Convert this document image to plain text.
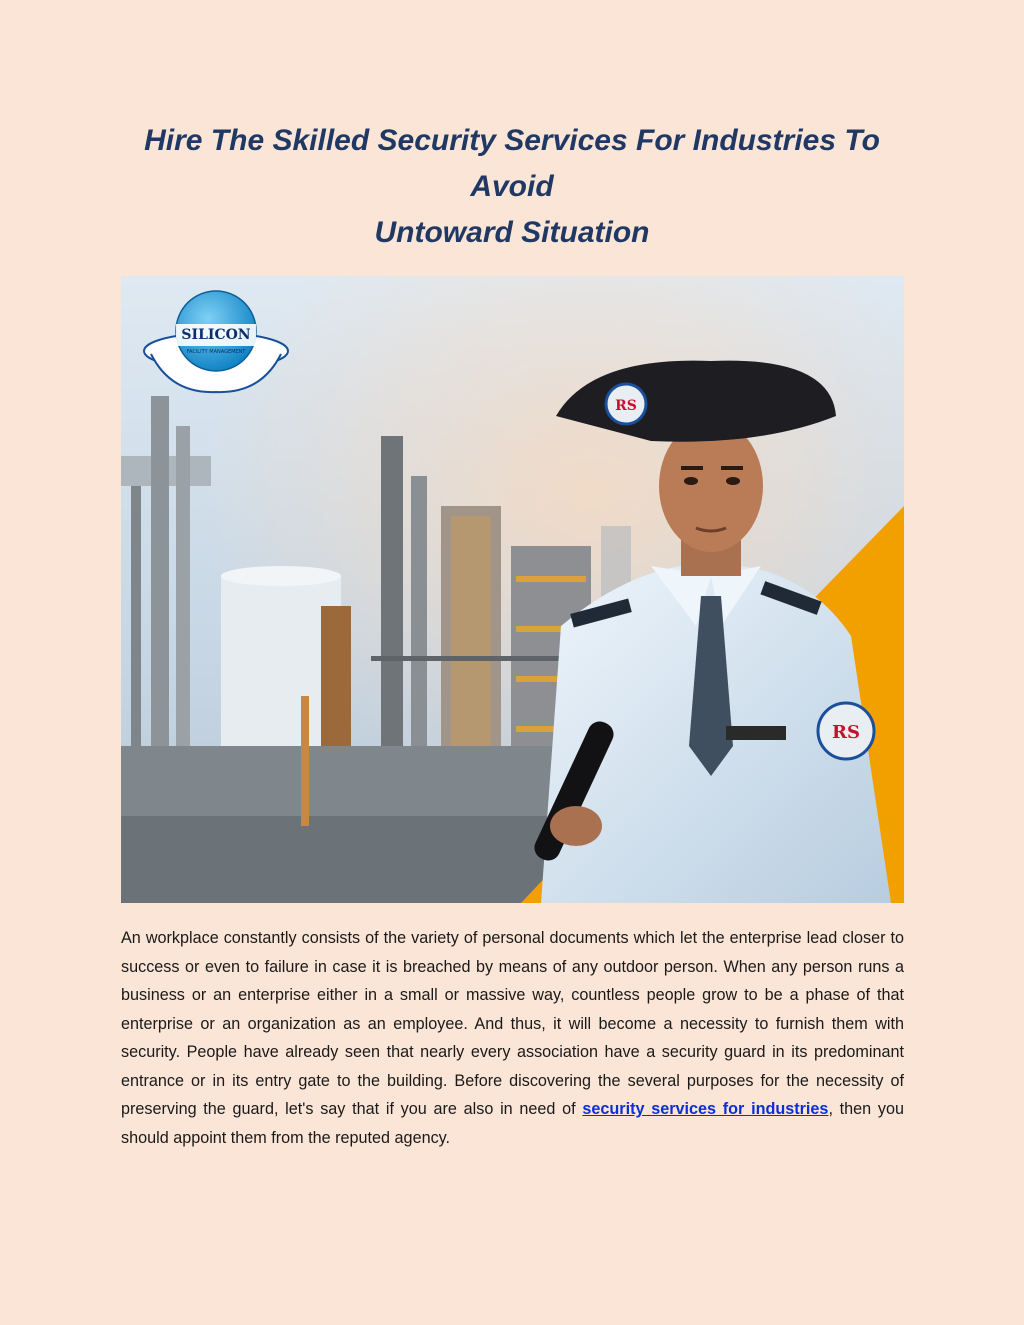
Hire The Skilled Security Services For Industries To Avoid
Untoward Situation
SILICON
FACILITY MANAGEMENT
RS
RS

An workplace constantly consists of the variety of personal documents which let the enterprise lead closer to success or even to failure in case it is breached by means of any outdoor person. When any person runs a business or an enterprise either in a small or massive way, countless people grow to be a phase of that enterprise or an organization as an employee. And thus, it will become a necessity to furnish them with security. People have already seen that nearly every association have a security guard in its predominant entrance or in its entry gate to the building. Before discovering the several purposes for the necessity of preserving the guard, let's say that if you are also in need of security services for industries, then you should appoint them from the reputed agency.
